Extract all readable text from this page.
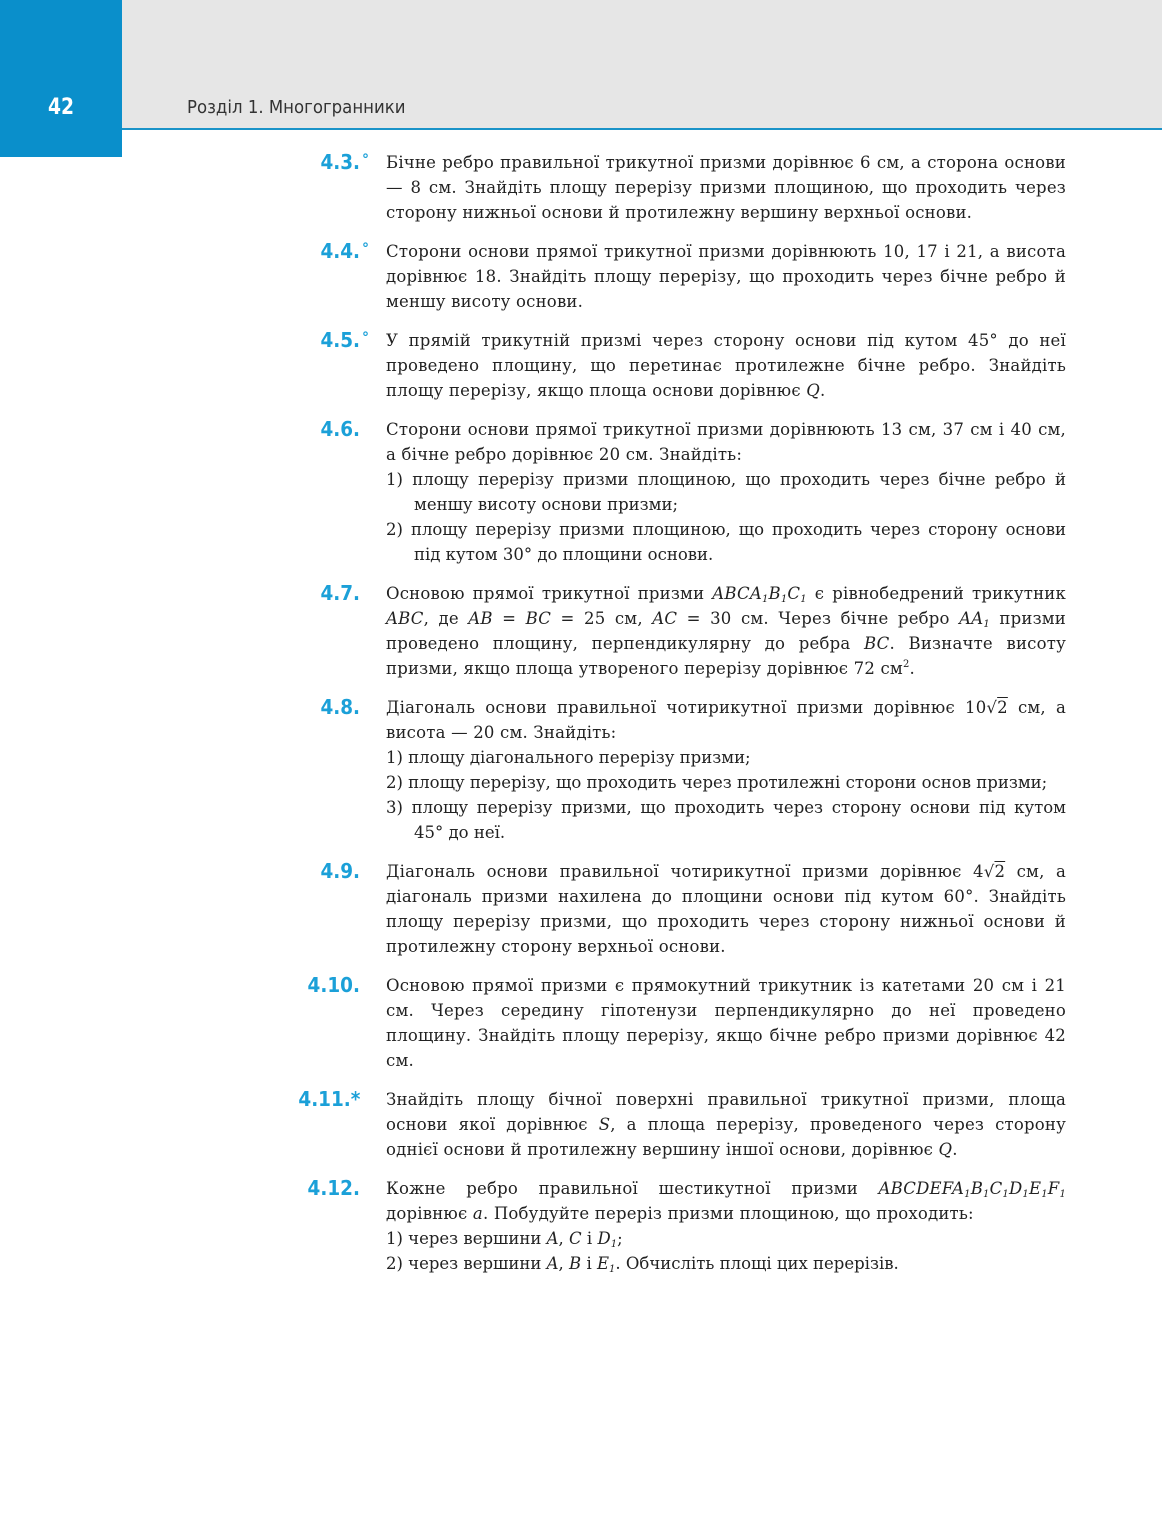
42	Розділ 1. Многогранники
4.3. ° Бічне ребро правильної трикутної призми дорівнює 6 см, а сторона основи — 8 см. Знайдіть площу перерізу призми площиною, що проходить через сторону нижньої основи й протилежну вершину верхньої основи.
4.4. ° Сторони основи прямої трикутної призми дорівнюють 10, 17 і 21, а висота дорівнює 18. Знайдіть площу перерізу, що проходить через бічне ребро й меншу висоту основи.
4.5. ° У прямій трикутній призмі через сторону основи під кутом 45° до неї проведено площину, що перетинає протилежне бічне ребро. Знайдіть площу перерізу, якщо площа основи дорівнює Q.
4.6. Сторони основи прямої трикутної призми дорівнюють 13 см, 37 см і 40 см, а бічне ребро дорівнює 20 см. Знайдіть:
1) площу перерізу призми площиною, що проходить через бічне ребро й меншу висоту основи призми;
2) площу перерізу призми площиною, що проходить через сторону основи під кутом 30° до площини основи.
4.7. Основою прямої трикутної призми $ABCA_1B_1C_1$ є рівнобедрений трикутник ABC, де AB = BC = 25 см, AC = 30 см. Через бічне ребро $AA_1$ призми проведено площину, перпендикулярну до ребра BC. Визначте висоту призми, якщо площа утвореного перерізу дорівнює 72 $см^2$.
4.8. Діагональ основи правильної чотирикутної призми дорівнює 10√2 см, а висота — 20 см. Знайдіть:
1) площу діагонального перерізу призми;
2) площу перерізу, що проходить через протилежні сторони основ призми;
3) площу перерізу призми, що проходить через сторону основи під кутом 45° до неї.
4.9. Діагональ основи правильної чотирикутної призми дорівнює 4√2 см, а діагональ призми нахилена до площини основи під кутом 60°. Знайдіть площу перерізу призми, що проходить через сторону нижньої основи й протилежну сторону верхньої основи.
4.10. Основою прямої призми є прямокутний трикутник із катетами 20 см і 21 см. Через середину гіпотенузи перпендикулярно до неї проведено площину. Знайдіть площу перерізу, якщо бічне ребро призми дорівнює 42 см.
4.11.* Знайдіть площу бічної поверхні правильної трикутної призми, площа основи якої дорівнює S, а площа перерізу, проведеного через сторону однієї основи й протилежну вершину іншої основи, дорівнює Q.
4.12. Кожне ребро правильної шестикутної призми $ABCDEFA_1B_1C_1D_1E_1F_1$ дорівнює a. Побудуйте переріз призми площиною, що проходить:
1) через вершини A, C і $D_1$;
2) через вершини A, B і $E_1$. Обчисліть площі цих перерізів.
